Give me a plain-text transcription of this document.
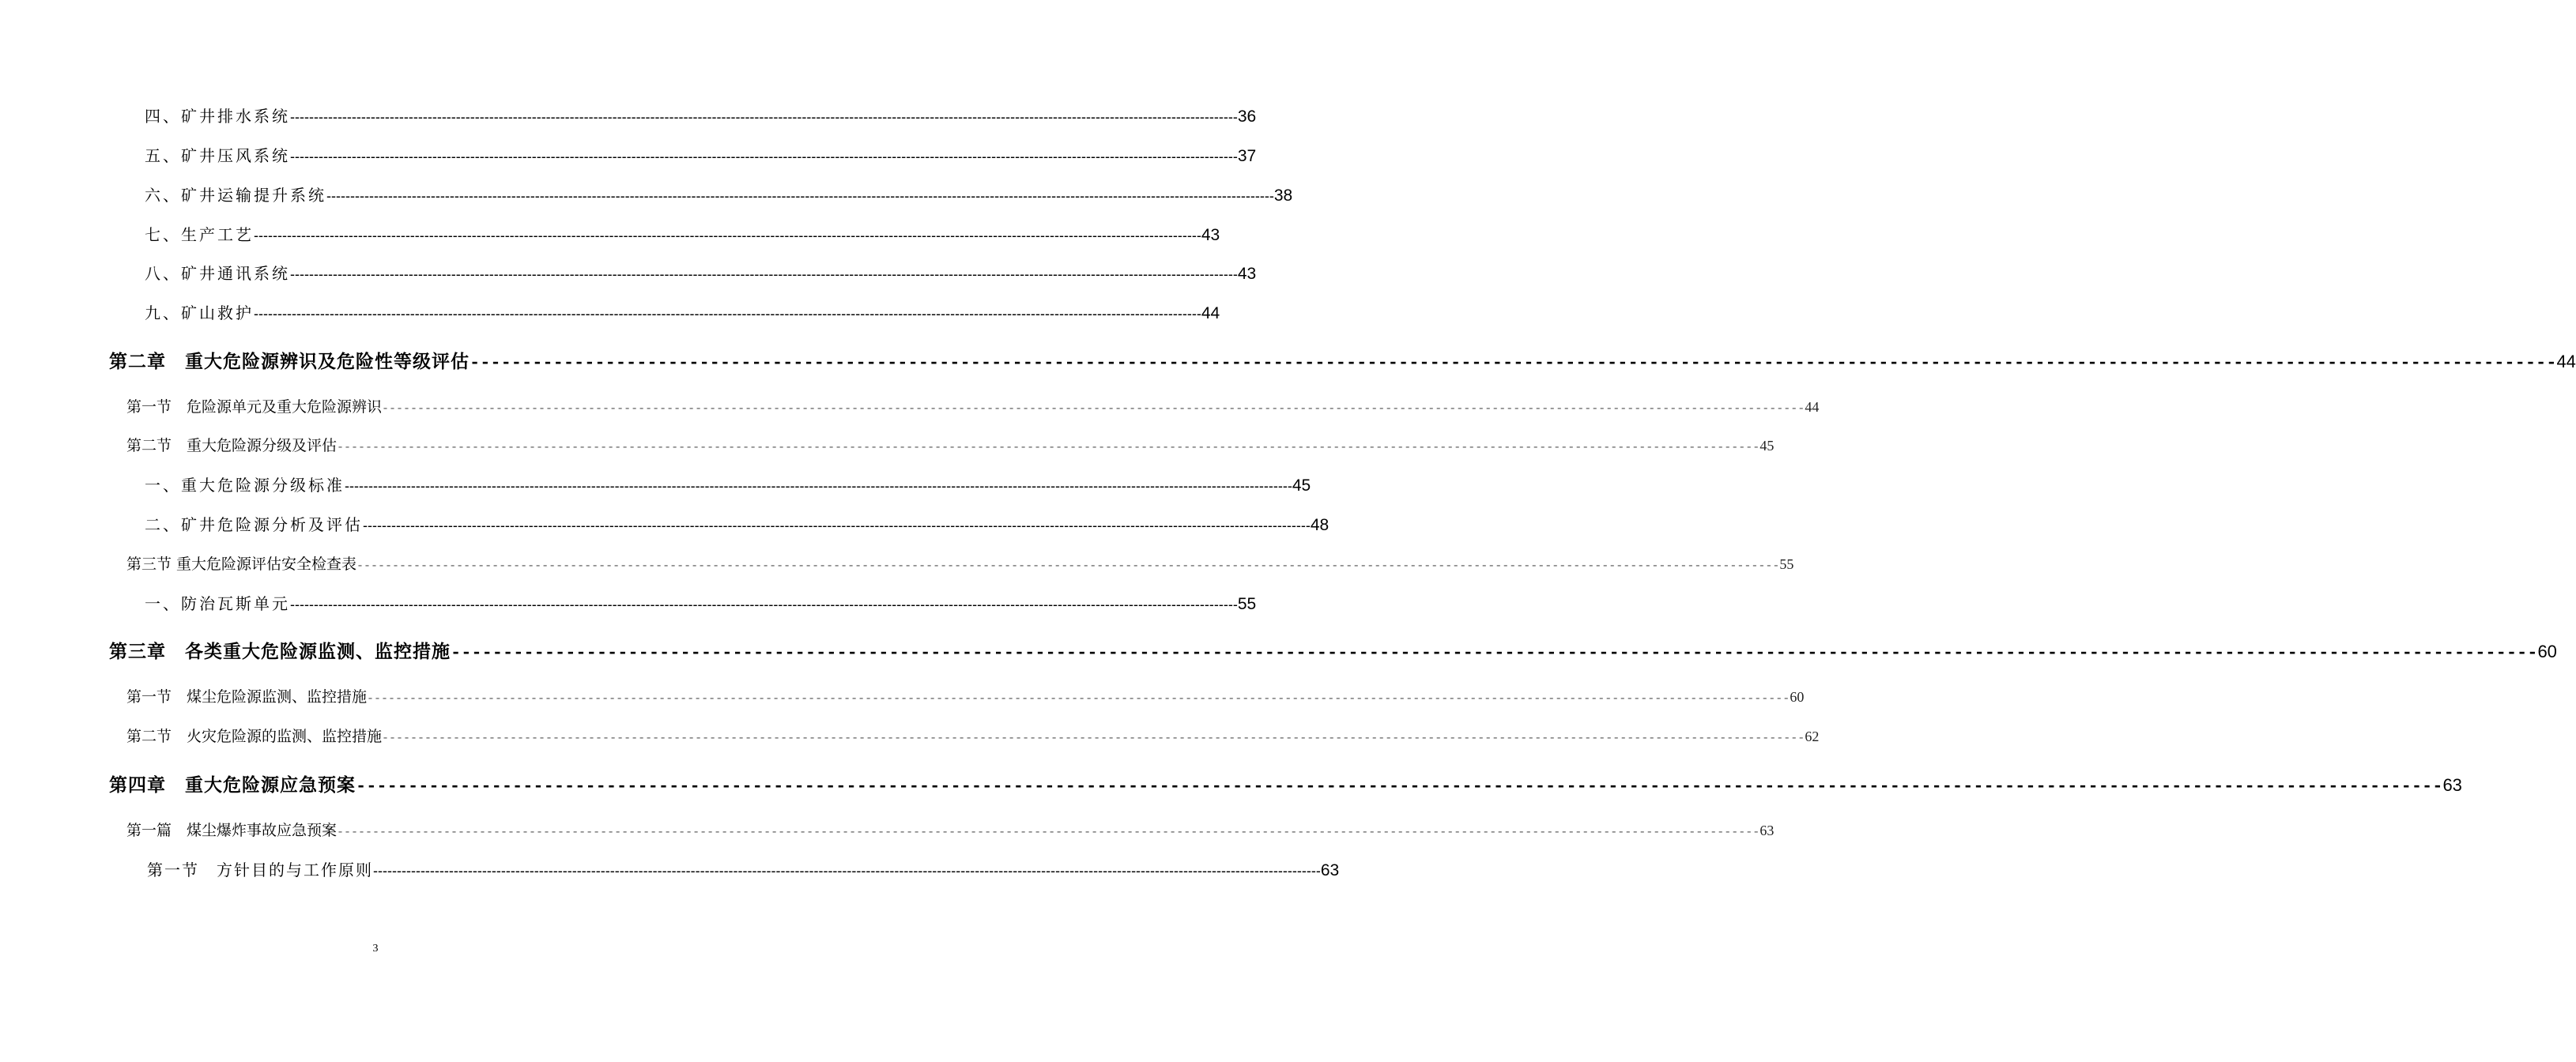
四、矿井排水系统 -------------------------------------------------------------------------------------------------------------------------------------------------------------------------------------------------------- 36
五、矿井压风系统 -------------------------------------------------------------------------------------------------------------------------------------------------------------------------------------------------------- 37
六、矿井运输提升系统 -------------------------------------------------------------------------------------------------------------------------------------------------------------------------------------------------------- 38
七、生产工艺 -------------------------------------------------------------------------------------------------------------------------------------------------------------------------------------------------------- 43
八、矿井通讯系统 -------------------------------------------------------------------------------------------------------------------------------------------------------------------------------------------------------- 43
九、矿山救护 -------------------------------------------------------------------------------------------------------------------------------------------------------------------------------------------------------- 44
第二章　重大危险源辨识及危险性等级评估 -------------------------------------------------------------------------------------------------------------------------------------------------------------------------------------------------------- 44
第一节　危险源单元及重大危险源辨识 -------------------------------------------------------------------------------------------------------------------------------------------------------------------------------------------------------- 44
第二节　重大危险源分级及评估 -------------------------------------------------------------------------------------------------------------------------------------------------------------------------------------------------------- 45
一、重大危险源分级标准 -------------------------------------------------------------------------------------------------------------------------------------------------------------------------------------------------------- 45
二、矿井危险源分析及评估 -------------------------------------------------------------------------------------------------------------------------------------------------------------------------------------------------------- 48
第三节 重大危险源评估安全检查表 -------------------------------------------------------------------------------------------------------------------------------------------------------------------------------------------------------- 55
一、防治瓦斯单元 -------------------------------------------------------------------------------------------------------------------------------------------------------------------------------------------------------- 55
第三章　各类重大危险源监测、监控措施 -------------------------------------------------------------------------------------------------------------------------------------------------------------------------------------------------------- 60
第一节　煤尘危险源监测、监控措施 -------------------------------------------------------------------------------------------------------------------------------------------------------------------------------------------------------- 60
第二节　火灾危险源的监测、监控措施 -------------------------------------------------------------------------------------------------------------------------------------------------------------------------------------------------------- 62
第四章　重大危险源应急预案 -------------------------------------------------------------------------------------------------------------------------------------------------------------------------------------------------------- 63
第一篇　煤尘爆炸事故应急预案 -------------------------------------------------------------------------------------------------------------------------------------------------------------------------------------------------------- 63
第一节　方针目的与工作原则 -------------------------------------------------------------------------------------------------------------------------------------------------------------------------------------------------------- 63
3
